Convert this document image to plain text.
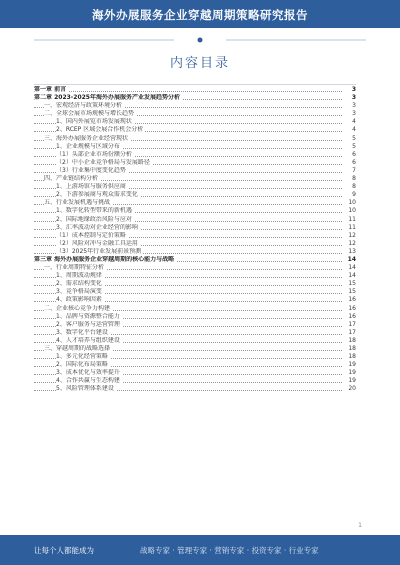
海外办展服务企业穿越周期策略研究报告
内容目录
第一章 前言	3
第二章 2023-2025年海外办展服务产业发展趋势分析	3
一、宏观经济与政策环境分析	3
二、全球会展市场规模与增长趋势	3
1、国内外展览市场发展现状	4
2、RCEP 区域会展合作机会分析	4
三、海外办展服务企业经营现状	5
1、企业规模与区域分布	5
（1）头部企业市场份额分析	6
（2）中小企业竞争格局与发展路径	6
（3）行业集中度变化趋势	7
四、产业链结构分析	8
1、上游场馆与服务供应商	8
2、下游参展商与观众需求变化	9
五、行业发展机遇与挑战	10
1、数字化转型带来的新机遇	10
2、国际地缘政治风险与应对	11
3、汇率波动对企业经营的影响	11
（1）成本控制与定价策略	12
（2）风险对冲与金融工具运用	12
（3）2025年行业发展前景预测	13
第三章 海外办展服务企业穿越周期的核心能力与战略	14
一、行业周期特征分析	14
1、周期波动规律	14
2、需求结构变化	15
3、竞争格局演变	15
4、政策影响因素	16
二、企业核心竞争力构建	16
1、品牌与资源整合能力	16
2、客户服务与运营管理	17
3、数字化平台建设	17
4、人才培养与组织建设	18
三、穿越周期的战略选择	18
1、多元化经营策略	18
2、国际化布局策略	19
3、成本优化与效率提升	19
4、合作共赢与生态构建	19
5、风险管理体系建设	20
1
让每个人都能成为	战略专家 · 管理专家 · 营销专家 · 投资专家 · 行业专家
